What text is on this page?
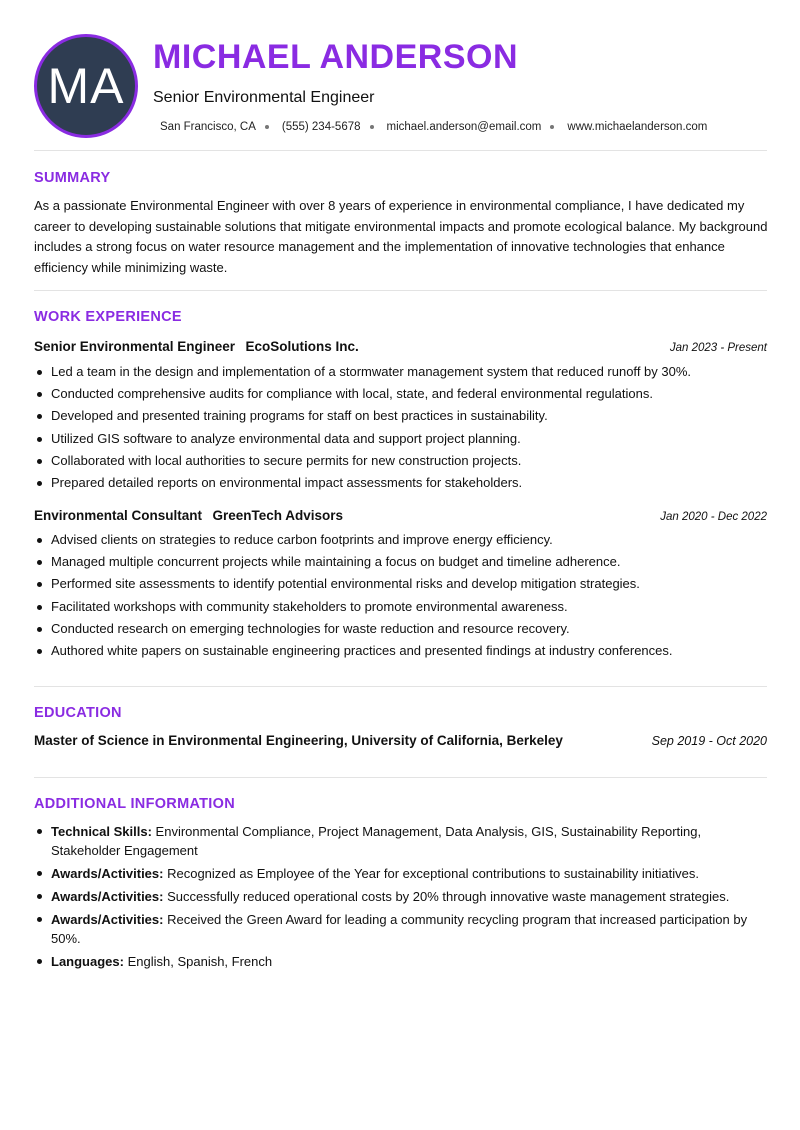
MA
MICHAEL ANDERSON
Senior Environmental Engineer
San Francisco, CA (555) 234-5678 michael.anderson@email.com www.michaelanderson.com
SUMMARY
As a passionate Environmental Engineer with over 8 years of experience in environmental compliance, I have dedicated my career to developing sustainable solutions that mitigate environmental impacts and promote ecological balance. My background includes a strong focus on water resource management and the implementation of innovative technologies that enhance efficiency while minimizing waste.
WORK EXPERIENCE
Senior Environmental Engineer EcoSolutions Inc.	Jan 2023 - Present
Led a team in the design and implementation of a stormwater management system that reduced runoff by 30%.
Conducted comprehensive audits for compliance with local, state, and federal environmental regulations.
Developed and presented training programs for staff on best practices in sustainability.
Utilized GIS software to analyze environmental data and support project planning.
Collaborated with local authorities to secure permits for new construction projects.
Prepared detailed reports on environmental impact assessments for stakeholders.
Environmental Consultant GreenTech Advisors	Jan 2020 - Dec 2022
Advised clients on strategies to reduce carbon footprints and improve energy efficiency.
Managed multiple concurrent projects while maintaining a focus on budget and timeline adherence.
Performed site assessments to identify potential environmental risks and develop mitigation strategies.
Facilitated workshops with community stakeholders to promote environmental awareness.
Conducted research on emerging technologies for waste reduction and resource recovery.
Authored white papers on sustainable engineering practices and presented findings at industry conferences.
EDUCATION
Master of Science in Environmental Engineering, University of California, Berkeley	Sep 2019 - Oct 2020
ADDITIONAL INFORMATION
Technical Skills: Environmental Compliance, Project Management, Data Analysis, GIS, Sustainability Reporting, Stakeholder Engagement
Awards/Activities: Recognized as Employee of the Year for exceptional contributions to sustainability initiatives.
Awards/Activities: Successfully reduced operational costs by 20% through innovative waste management strategies.
Awards/Activities: Received the Green Award for leading a community recycling program that increased participation by 50%.
Languages: English, Spanish, French
